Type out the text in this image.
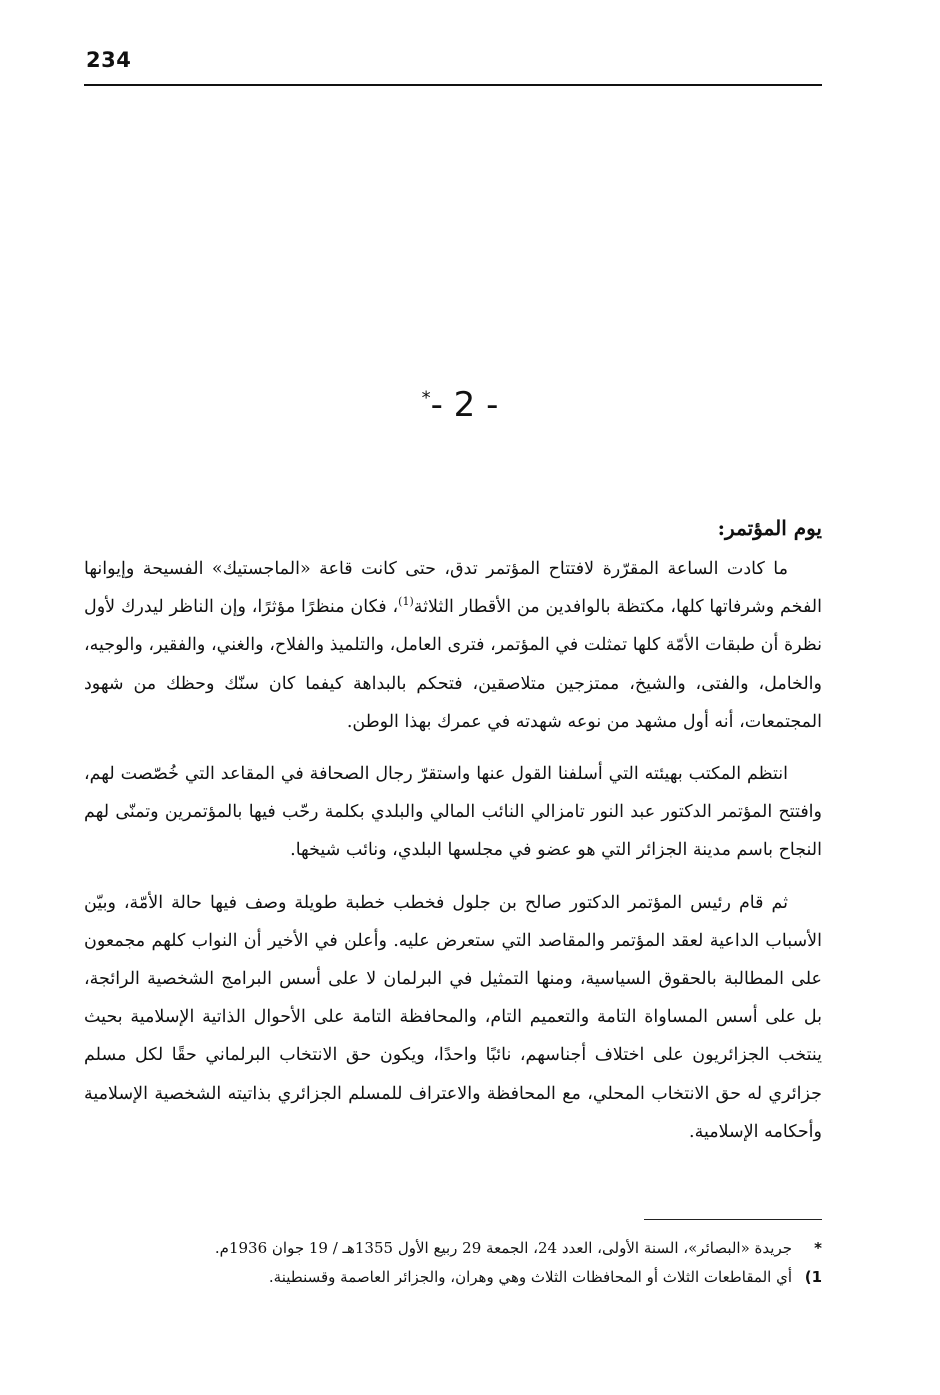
234
*- 2 -
يوم المؤتمر:

ما كادت الساعة المقرّرة لافتتاح المؤتمر تدق، حتى كانت قاعة «الماجستيك» الفسيحة وإيوانها الفخم وشرفاتها كلها، مكتظة بالوافدين من الأقطار الثلاثة$^{(1)}$، فكان منظرًا مؤثرًا، وإن الناظر ليدرك لأول نظرة أن طبقات الأمّة كلها تمثلت في المؤتمر، فترى العامل، والتلميذ والفلاح، والغني، والفقير، والوجيه، والخامل، والفتى، والشيخ، ممتزجين متلاصقين، فتحكم بالبداهة كيفما كان سنّك وحظك من شهود المجتمعات، أنه أول مشهد من نوعه شهدته في عمرك بهذا الوطن.

انتظم المكتب بهيئته التي أسلفنا القول عنها واستقرّ رجال الصحافة في المقاعد التي خُصّصت لهم، وافتتح المؤتمر الدكتور عبد النور تامزالي النائب المالي والبلدي بكلمة رحّب فيها بالمؤتمرين وتمنّى لهم النجاح باسم مدينة الجزائر التي هو عضو في مجلسها البلدي، ونائب شيخها.

ثم قام رئيس المؤتمر الدكتور صالح بن جلول فخطب خطبة طويلة وصف فيها حالة الأمّة، وبيّن الأسباب الداعية لعقد المؤتمر والمقاصد التي ستعرض عليه. وأعلن في الأخير أن النواب كلهم مجمعون على المطالبة بالحقوق السياسية، ومنها التمثيل في البرلمان لا على أسس البرامج الشخصية الرائجة، بل على أسس المساواة التامة والتعميم التام، والمحافظة التامة على الأحوال الذاتية الإسلامية بحيث ينتخب الجزائريون على اختلاف أجناسهم، نائبًا واحدًا، ويكون حق الانتخاب البرلماني حقًا لكل مسلم جزائري له حق الانتخاب المحلي، مع المحافظة والاعتراف للمسلم الجزائري بذاتيته الشخصية الإسلامية وأحكامه الإسلامية.

*
جريدة «البصائر»، السنة الأولى، العدد 24، الجمعة 29 ربيع الأول 1355هـ / 19 جوان 1936م.
1)
أي المقاطعات الثلاث أو المحافظات الثلاث وهي وهران، والجزائر العاصمة وقسنطينة.
